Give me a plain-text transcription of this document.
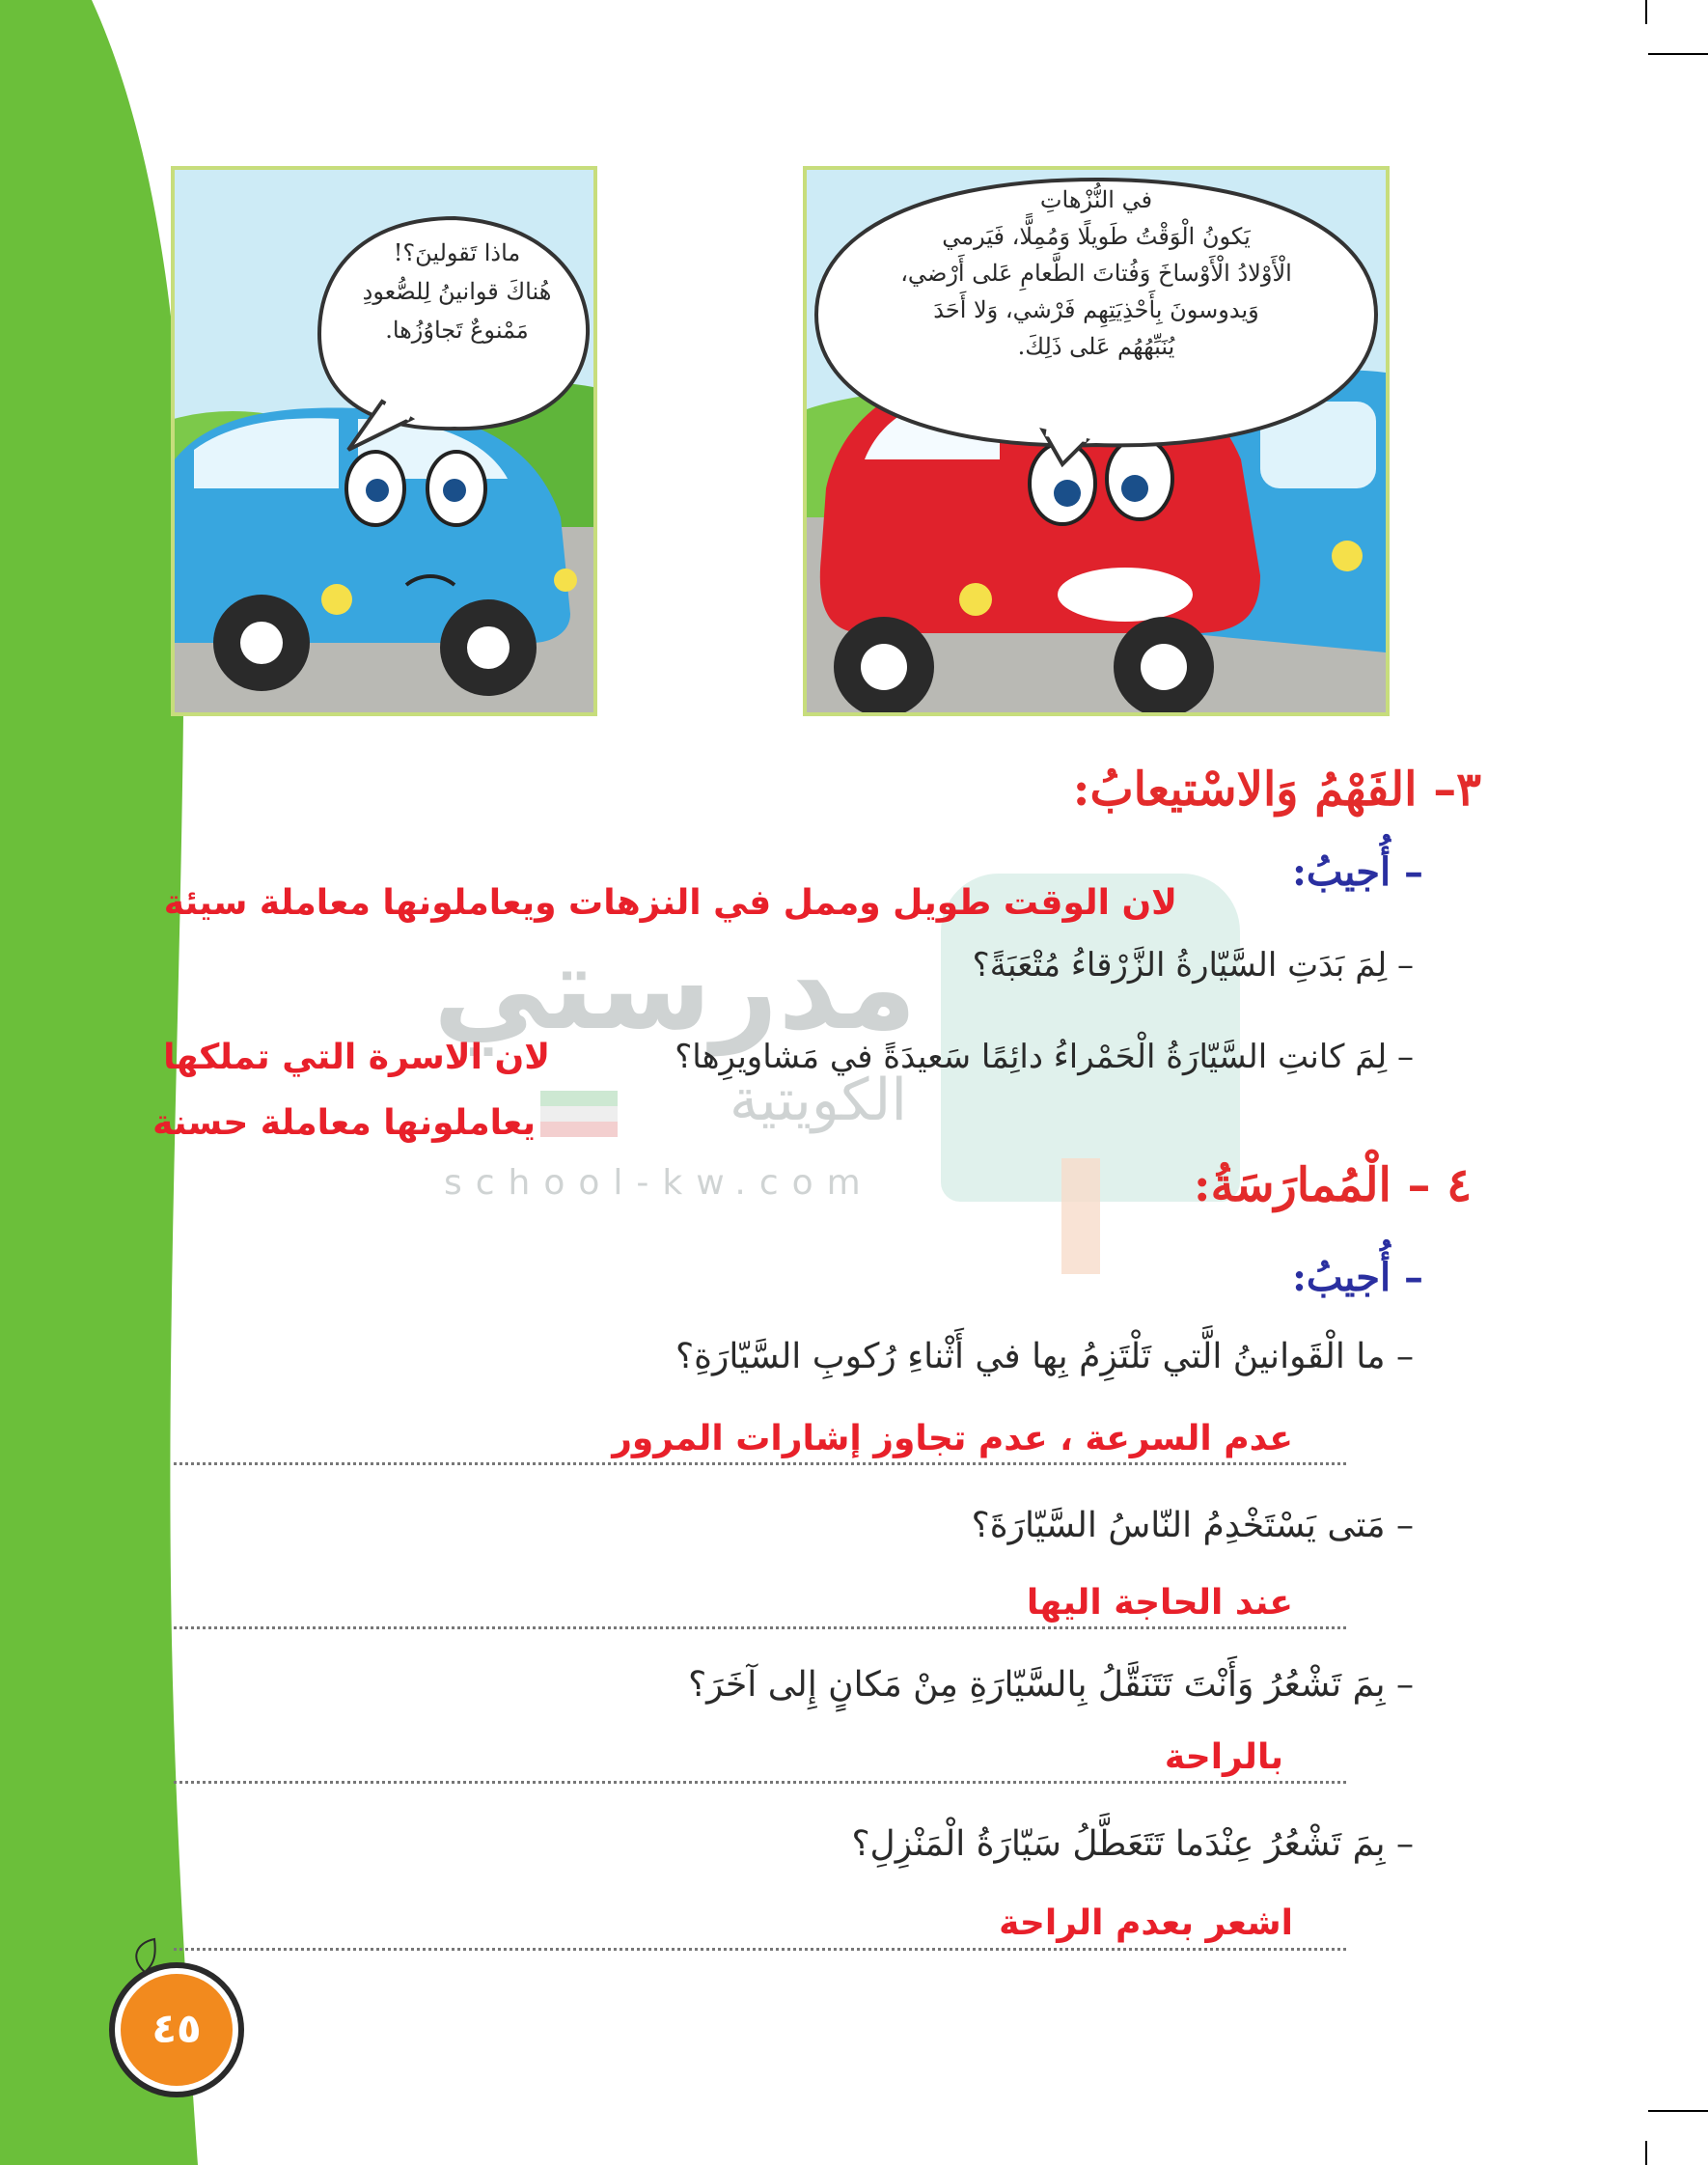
في النُّزْهاتِ
يَكونُ الْوَقْتُ طَويلًا وَمُمِلًّا، فَيَرمي
الْأَوْلادُ الْأَوْساخَ وَفُتاتَ الطَّعامِ عَلى أَرْضي،
وَيدوسونَ بِأَحْذِيَتِهِم فَرْشي، وَلا أَحَدَ
يُنَبِّهُهُم عَلى ذَلِكَ.
ماذا تَقولينَ؟!
هُناكَ قوانينُ لِلصُّعودِ
مَمْنوعٌ تَجاوُزُها.
مدرستي
الكويتية
school-kw.com
٣– الفَهْمُ وَالاسْتيعابُ:
– أُجيبُ:
لان الوقت طويل وممل في النزهات ويعاملونها معاملة سيئة
– لِمَ بَدَتِ السَّيّارةُ الزَّرْقاءُ مُتْعَبَةً؟
– لِمَ كانتِ السَّيّارَةُ الْحَمْراءُ دائِمًا سَعيدَةً في مَشاويرِها؟
لان الاسرة التي تملكها
يعاملونها معاملة حسنة
٤ – الْمُمارَسَةُ:
– أُجيبُ:
– ما الْقَوانينُ الَّتي تَلْتَزِمُ بِها في أَثْناءِ رُكوبِ السَّيّارَةِ؟
عدم السرعة ، عدم تجاوز إشارات المرور
– مَتى يَسْتَخْدِمُ النّاسُ السَّيّارَةَ؟
عند الحاجة اليها
– بِمَ تَشْعُرُ وَأَنْتَ تَتَنَقَّلُ بِالسَّيّارَةِ مِنْ مَكانٍ إِلى آخَرَ؟
بالراحة
– بِمَ تَشْعُرُ عِنْدَما تَتَعَطَّلُ سَيّارَةُ الْمَنْزِلِ؟
اشعر بعدم الراحة
٤٥
